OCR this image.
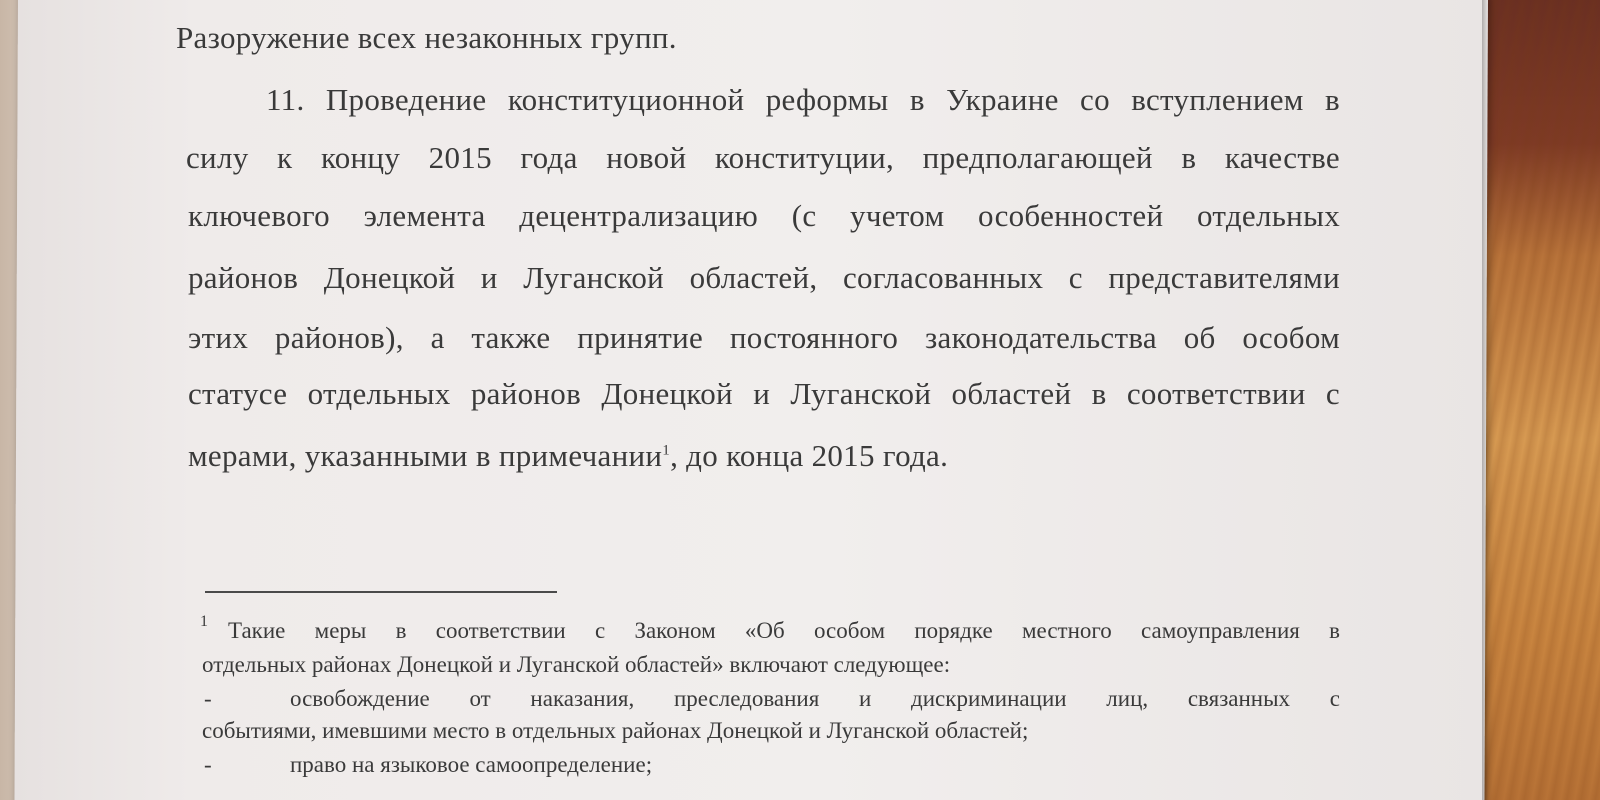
Разоружение всех незаконных групп.
11. Проведение конституционной реформы в Украине со вступлением в
силу к концу 2015 года новой конституции, предполагающей в качестве
ключевого элемента децентрализацию (с учетом особенностей отдельных
районов Донецкой и Луганской областей, согласованных с представителями
этих районов), а также принятие постоянного законодательства об особом
статусе отдельных районов Донецкой и Луганской областей в соответствии с
мерами, указанными в примечании$^1$, до конца 2015 года.
1 Такие меры в соответствии с Законом «Об особом порядке местного самоуправления в
отдельных районах Донецкой и Луганской областей» включают следующее:
-	освобождение от наказания, преследования и дискриминации лиц, связанных с
событиями, имевшими место в отдельных районах Донецкой и Луганской областей;
-	право на языковое самоопределение;
